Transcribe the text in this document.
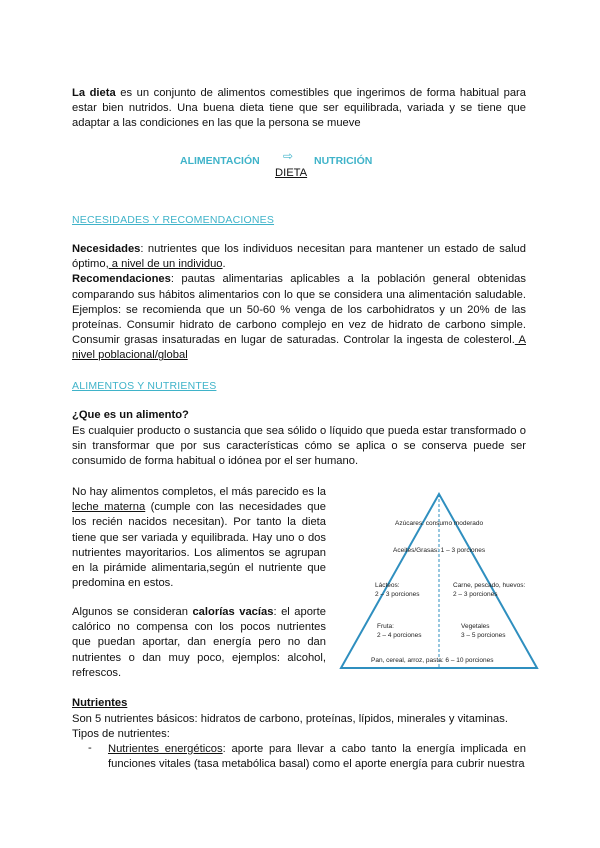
La dieta es un conjunto de alimentos comestibles que ingerimos de forma habitual para estar bien nutridos. Una buena dieta tiene que ser equilibrada, variada y se tiene que adaptar a las condiciones en las que la persona se mueve

ALIMENTACIÓN ⇨ NUTRICIÓN
DIETA
NECESIDADES Y RECOMENDACIONES

Necesidades: nutrientes que los individuos necesitan para mantener un estado de salud óptimo, a nivel de un individuo.
Recomendaciones: pautas alimentarias aplicables a la población general obtenidas comparando sus hábitos alimentarios con lo que se considera una alimentación saludable. Ejemplos: se recomienda que un 50-60 % venga de los carbohidratos y un 20% de las proteínas. Consumir hidrato de carbono complejo en vez de hidrato de carbono simple. Consumir grasas insaturadas en lugar de saturadas. Controlar la ingesta de colesterol. A nivel poblacional/global

ALIMENTOS Y NUTRIENTES
¿Que es un alimento?

Es cualquier producto o sustancia que sea sólido o líquido que pueda estar transformado o sin transformar que por sus características cómo se aplica o se conserva puede ser consumido de forma habitual o idónea por el ser humano.

No hay alimentos completos, el más parecido es la leche materna (cumple con las necesidades que los recién nacidos necesitan). Por tanto la dieta tiene que ser variada y equilibrada. Hay uno o dos nutrientes mayoritarios. Los alimentos se agrupan en la pirámide alimentaria,según el nutriente que predomina en estos.

Algunos se consideran calorías vacías: el aporte calórico no compensa con los pocos nutrientes que puedan aportar, dan energía pero no dan nutrientes o dan muy poco, ejemplos: alcohol, refrescos.

Azúcares: consumo moderado
Aceites/Grasas: 1 – 3 porciones
Lácteos:
2 – 3 porciones
Carne, pescado, huevos:
2 – 3 porciones
Fruta:
2 – 4 porciones
Vegetales
3 – 5 porciones
Pan, cereal, arroz, pasta: 6 – 10 porciones
Nutrientes

Son 5 nutrientes básicos: hidratos de carbono, proteínas, lípidos, minerales y vitaminas.
Tipos de nutrientes:

- Nutrientes energéticos: aporte para llevar a cabo tanto la energía implicada en funciones vitales (tasa metabólica basal) como el aporte energía para cubrir nuestra
